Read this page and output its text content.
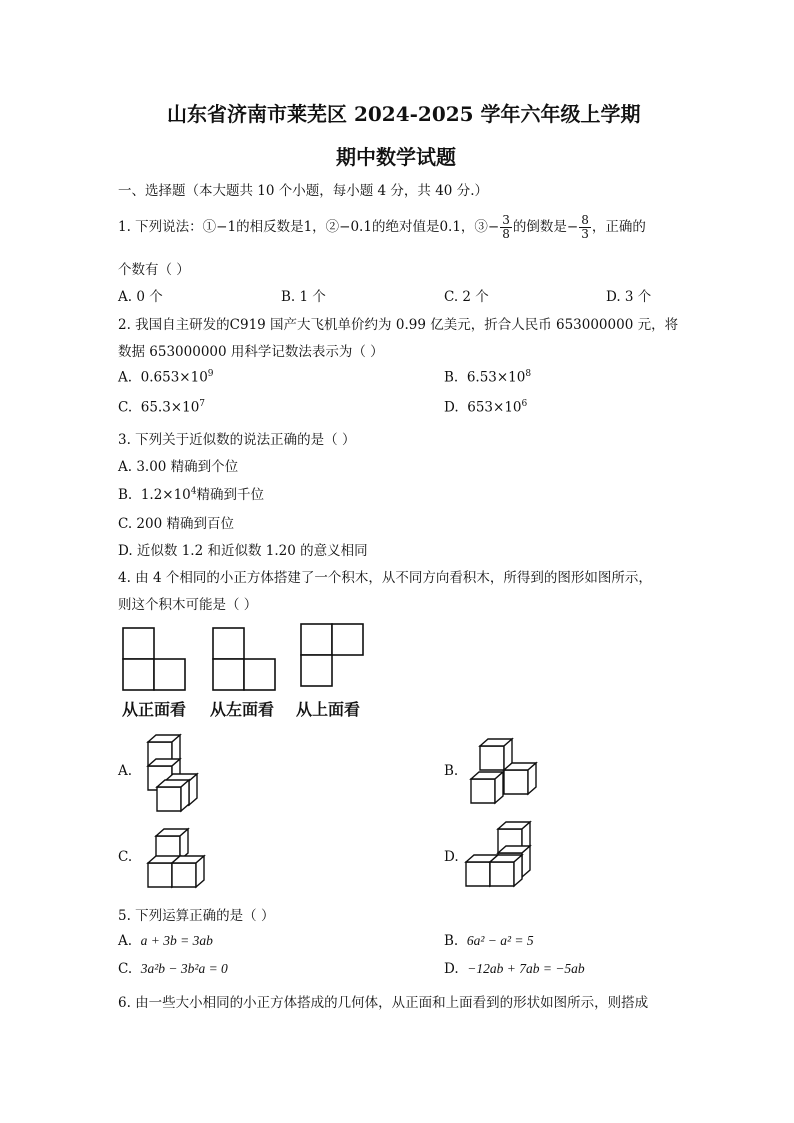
山东省济南市莱芜区 2024-2025 学年六年级上学期
期中数学试题
一、选择题（本大题共 10 个小题，每小题 4 分，共 40 分.）
1. 下列说法：①−1的相反数是1，②−0.1的绝对值是0.1，③− $\frac{3}{8}$ 的倒数是− $\frac{8}{3}$ ，正确的
个数有（ ）
A. 0 个	B. 1 个	C. 2 个	D. 3 个
2. 我国自主研发的C919 国产大飞机单价约为 0.99 亿美元，折合人民币 653000000 元，将
数据 653000000 用科学记数法表示为（ ）
A. $0.653\times 10^9$	B. $6.53\times 10^8$
C. $65.3\times 10^7$	D. $653\times 10^6$
3. 下列关于近似数的说法正确的是（ ）
A. 3.00 精确到个位
B. $1.2\times 10^4$精确到千位
C. 200 精确到百位
D. 近似数 1.2 和近似数 1.20 的意义相同
4. 由 4 个相同的小正方体搭建了一个积木，从不同方向看积木，所得到的图形如图所示，
则这个积木可能是（ ）
从正面看 从左面看 从上面看
A.	B.
C.	D.
5. 下列运算正确的是（ ）
A. a + 3b = 3ab	B. 6a² − a² = 5
C. 3a²b − 3b²a = 0	D. −12ab + 7ab = −5ab
6. 由一些大小相同的小正方体搭成的几何体，从正面和上面看到的形状如图所示，则搭成
